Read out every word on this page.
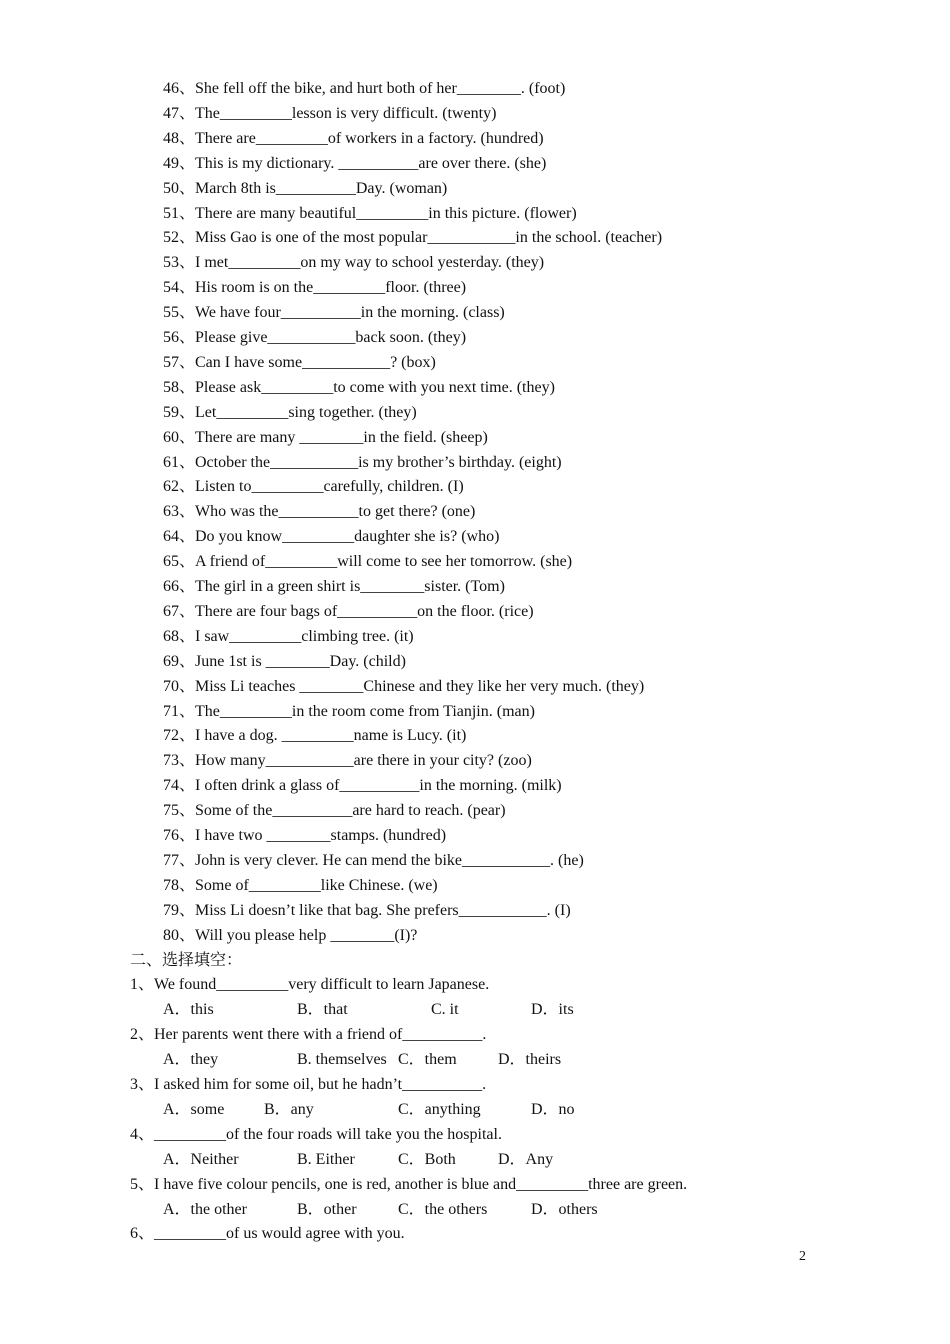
46、She fell off the bike, and hurt both of her________. (foot)
47、The_________lesson is very difficult. (twenty)
48、There are_________of workers in a factory. (hundred)
49、This is my dictionary. __________are over there. (she)
50、March 8th is__________Day. (woman)
51、There are many beautiful_________in this picture. (flower)
52、Miss Gao is one of the most popular___________in the school. (teacher)
53、I met_________on my way to school yesterday. (they)
54、His room is on the_________floor. (three)
55、We have four__________in the morning. (class)
56、Please give___________back soon. (they)
57、Can I have some___________? (box)
58、Please ask_________to come with you next time. (they)
59、Let_________sing together. (they)
60、There are many ________in the field. (sheep)
61、October the___________is my brother’s birthday. (eight)
62、Listen to_________carefully, children. (I)
63、Who was the__________to get there? (one)
64、Do you know_________daughter she is? (who)
65、A friend of_________will come to see her tomorrow. (she)
66、The girl in a green shirt is________sister. (Tom)
67、There are four bags of__________on the floor. (rice)
68、I saw_________climbing tree. (it)
69、June 1st is ________Day. (child)
70、Miss Li teaches ________Chinese and they like her very much. (they)
71、The_________in the room come from Tianjin. (man)
72、I have a dog. _________name is Lucy. (it)
73、How many___________are there in your city? (zoo)
74、I often drink a glass of__________in the morning. (milk)
75、Some of the__________are hard to reach. (pear)
76、I have two ________stamps. (hundred)
77、John is very clever. He can mend the bike___________. (he)
78、Some of_________like Chinese. (we)
79、Miss Li doesn’t like that bag. She prefers___________. (I)
80、Will you please help ________(I)?
二、选择填空：
1、We found_________very difficult to learn Japanese.
A．this	B．that	C. it	D．its
2、Her parents went there with a friend of__________.
A．they	B. themselves C．them	D．theirs
3、I asked him for some oil, but he hadn’t__________.
A．some B．any	C．anything	D．no
4、_________of the four roads will take you the hospital.
A．Neither	B. Either	C．Both	D．Any
5、I have five colour pencils, one is red, another is blue and_________three are green.
A．the other	B．other	C．the others	D．others
6、_________of us would agree with you.
2
